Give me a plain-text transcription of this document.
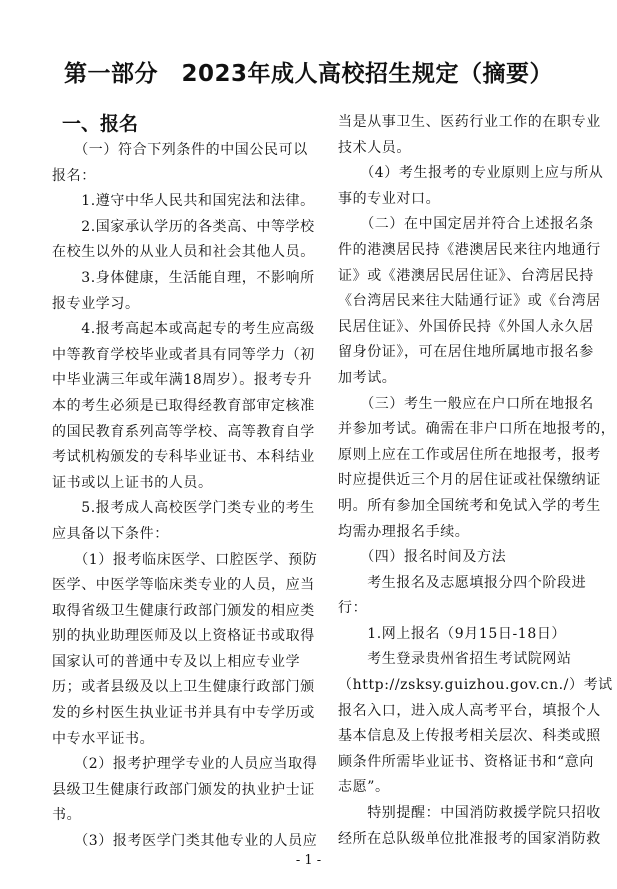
第一部分　2023年成人高校招生规定（摘要）
一、报名
　　（一）符合下列条件的中国公民可以
报名：
　　1.遵守中华人民共和国宪法和法律。
　　2.国家承认学历的各类高、中等学校
在校生以外的从业人员和社会其他人员。
　　3.身体健康，生活能自理，不影响所
报专业学习。
　　4.报考高起本或高起专的考生应高级
中等教育学校毕业或者具有同等学力（初
中毕业满三年或年满18周岁）。报考专升
本的考生必须是已取得经教育部审定核准
的国民教育系列高等学校、高等教育自学
考试机构颁发的专科毕业证书、本科结业
证书或以上证书的人员。
　　5.报考成人高校医学门类专业的考生
应具备以下条件：
　　（1）报考临床医学、口腔医学、预防
医学、中医学等临床类专业的人员，应当
取得省级卫生健康行政部门颁发的相应类
别的执业助理医师及以上资格证书或取得
国家认可的普通中专及以上相应专业学
历；或者县级及以上卫生健康行政部门颁
发的乡村医生执业证书并具有中专学历或
中专水平证书。
　　（2）报考护理学专业的人员应当取得
县级卫生健康行政部门颁发的执业护士证
书。
　　（3）报考医学门类其他专业的人员应
当是从事卫生、医药行业工作的在职专业
技术人员。
　　（4）考生报考的专业原则上应与所从
事的专业对口。
　　（二）在中国定居并符合上述报名条
件的港澳居民持《港澳居民来往内地通行
证》或《港澳居民居住证》、台湾居民持
《台湾居民来往大陆通行证》或《台湾居
民居住证》、外国侨民持《外国人永久居
留身份证》，可在居住地所属地市报名参
加考试。
　　（三）考生一般应在户口所在地报名
并参加考试。确需在非户口所在地报考的，
原则上应在工作或居住所在地报考，报考
时应提供近三个月的居住证或社保缴纳证
明。所有参加全国统考和免试入学的考生
均需办理报名手续。
　　（四）报名时间及方法
　　考生报名及志愿填报分四个阶段进
行：
　　1.网上报名（9月15日-18日）
　　考生登录贵州省招生考试院网站
（http://zsksy.guizhou.gov.cn./）考试
报名入口，进入成人高考平台，填报个人
基本信息及上传报考相关层次、科类或照
顾条件所需毕业证书、资格证书和“意向
志愿”。
　　特别提醒：中国消防救援学院只招收
经所在总队级单位批准报考的国家消防救
- 1 -
